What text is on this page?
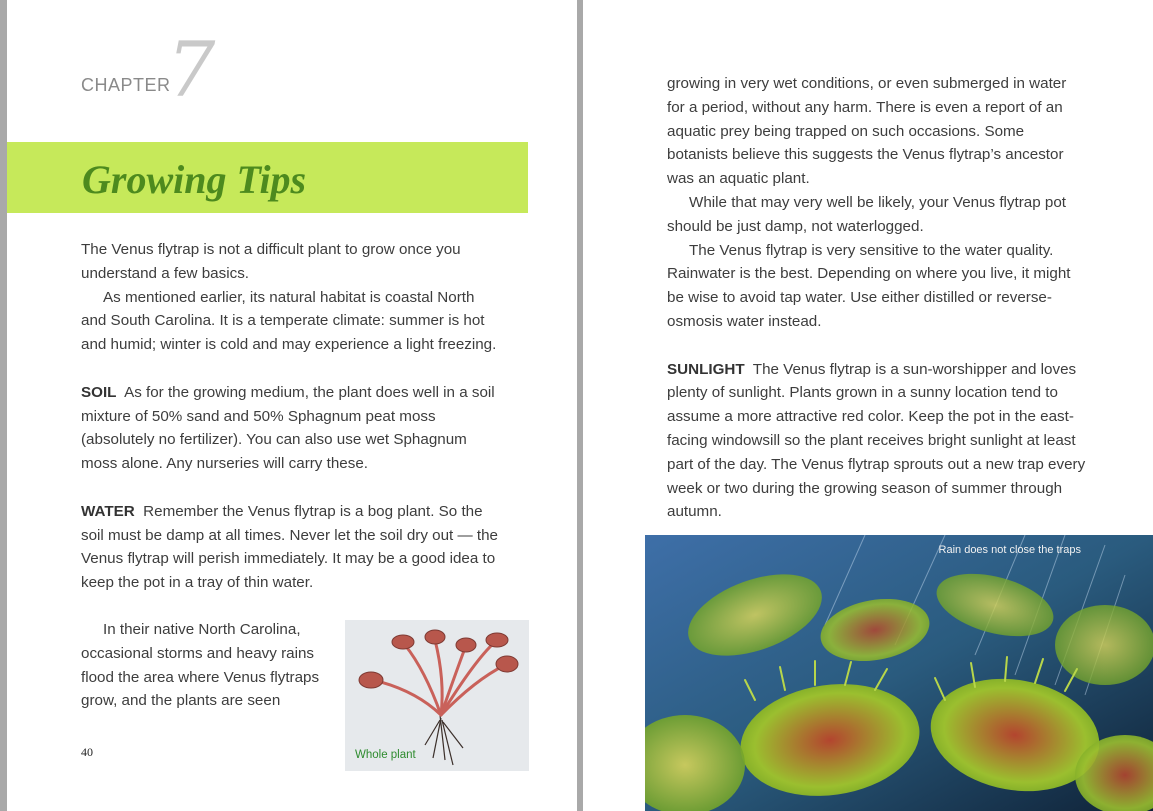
CHAPTER
7
Growing Tips

The Venus flytrap is not a difficult plant to grow once you understand a few basics.

As mentioned earlier, its natural habitat is coastal North and South Carolina. It is a temperate climate: summer is hot and humid; winter is cold and may experience a light freezing.

SOIL As for the growing medium, the plant does well in a soil mixture of 50% sand and 50% Sphagnum peat moss (absolutely no fertilizer). You can also use wet Sphagnum moss alone. Any nurseries will carry these.

WATER Remember the Venus flytrap is a bog plant. So the soil must be damp at all times. Never let the soil dry out — the Venus flytrap will perish immediately. It may be a good idea to keep the pot in a tray of thin water.

In their native North Carolina, occasional storms and heavy rains flood the area where Venus flytraps grow, and the plants are seen

Whole plant
40

growing in very wet conditions, or even submerged in water for a period, without any harm. There is even a report of an aquatic prey being trapped on such occasions. Some botanists believe this suggests the Venus flytrap’s ancestor was an aquatic plant.

While that may very well be likely, your Venus flytrap pot should be just damp, not waterlogged.

The Venus flytrap is very sensitive to the water quality. Rainwater is the best. Depending on where you live, it might be wise to avoid tap water. Use either distilled or reverse-osmosis water instead.

SUNLIGHT The Venus flytrap is a sun-worshipper and loves plenty of sunlight. Plants grown in a sunny location tend to assume a more attractive red color. Keep the pot in the east-facing windowsill so the plant receives bright sunlight at least part of the day. The Venus flytrap sprouts out a new trap every week or two during the growing season of summer through autumn.

Rain does not close the traps
